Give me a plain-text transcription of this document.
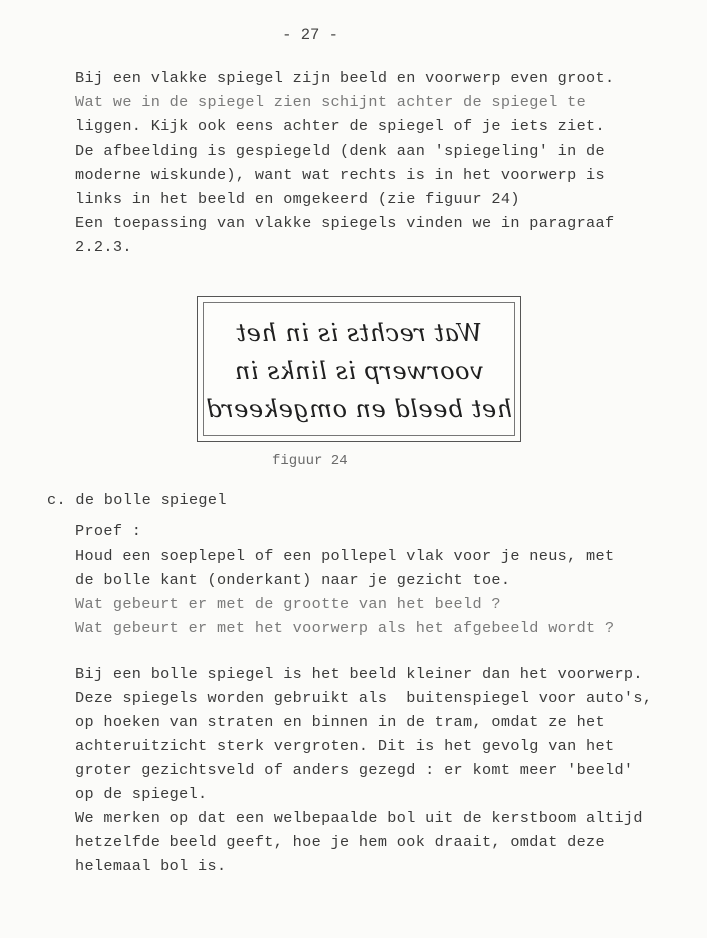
- 27 -
Bij een vlakke spiegel zijn beeld en voorwerp even groot.
Wat we in de spiegel zien schijnt achter de spiegel te
liggen. Kijk ook eens achter de spiegel of je iets ziet.
De afbeelding is gespiegeld (denk aan 'spiegeling' in de
moderne wiskunde), want wat rechts is in het voorwerp is
links in het beeld en omgekeerd (zie figuur 24)
Een toepassing van vlakke spiegels vinden we in paragraaf
2.2.3.
Wat rechts is in het
voorwerp is links in
het beeld en omgekeerd
figuur 24
c. de bolle spiegel
Proef :
Houd een soeplepel of een pollepel vlak voor je neus, met
de bolle kant (onderkant) naar je gezicht toe.
Wat gebeurt er met de grootte van het beeld ?
Wat gebeurt er met het voorwerp als het afgebeeld wordt ?
Bij een bolle spiegel is het beeld kleiner dan het voorwerp.
Deze spiegels worden gebruikt als  buitenspiegel voor auto's,
op hoeken van straten en binnen in de tram, omdat ze het
achteruitzicht sterk vergroten. Dit is het gevolg van het
groter gezichtsveld of anders gezegd : er komt meer 'beeld'
op de spiegel.
We merken op dat een welbepaalde bol uit de kerstboom altijd
hetzelfde beeld geeft, hoe je hem ook draait, omdat deze
helemaal bol is.
